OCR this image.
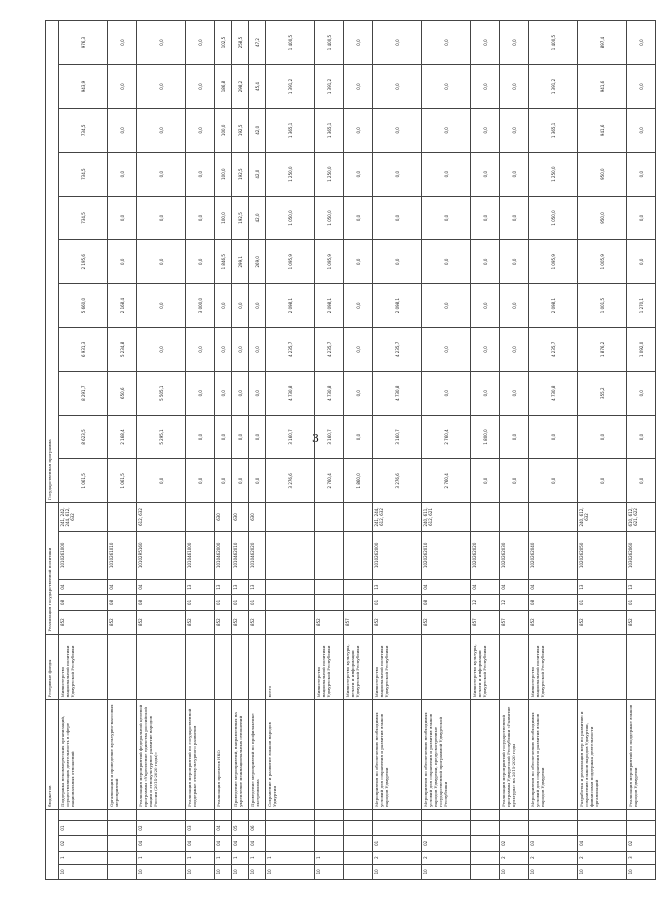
3
					бюджетов	Резервные фонды	Реализация государственной политики					Государственная программа										
10	1	02	01		Поддержка некоммерческих организаций, осуществляющих деятельность в сфере национальных отношений	Министерство национальной политики Удмуртской Республики	852	08	04	1010261000	241, 242, 244, 612, 632	1 061,5	8 623,5	8 291,7	6 931,3	5 660,0	2 195,6	734,5	734,5	734,5	943,9	976,3
					Организация и проведение культурно-массовых мероприятий		852	08	04	1010261010		1 061,5	2 168,4	650,6	5 234,8	2 168,4	0,0	0,0	0,0	0,0	0,0	0,0
10	1	04	02		Реализация мероприятий федеральной целевой программы «Укрепление единства российской нации и этнокультурное развитие народов России (2014-2020 годы)»		852	08	04	10102R5160	612, 632	0,0	5 295,1	5 505,1	0,0	0,0	0,0	0,0	0,0	0,0	0,0	0,0
10	1	04	03		Реализация мероприятий по государственной поддержке этнокультурного развития		852	01	13	1010461000		0,0	0,0	0,0	0,0	3 000,0	0,0	0,0	0,0	0,0	0,0	0,0
10	1	04	04		Реализация проектов НКО		852	01	13	1010462000	630	0,0	0,0	0,0	0,0	0,0	1 846,5	100,0	100,0	100,0	186,8	102,5
10	1	04	05		Проведение мероприятий, направленных на укрепление межнациональных отношений		852	01	13	1010462010	630	0,0	0,0	0,0	0,0	0,0	299,1	192,5	192,5	192,5	298,2	258,5
10	1	04	06		Проведение мероприятий по профилактике экстремизма		852	01	13	1010462020	630	0,0	0,0	0,0	0,0	0,0	269,0	42,0	42,0	42,0	45,4	47,2
10	1				Сохранение и развитие языков народов Удмуртии	всего						3 276,6	3 160,7	4 730,8	4 235,7	2 098,1	1 095,9	1 050,0	1 250,0	1 365,1	1 391,2	1 400,5
10	1					Министерство национальной политики Удмуртской Республики	852					2 760,4	3 160,7	4 730,8	4 235,7	2 098,1	1 095,9	1 050,0	1 250,0	1 365,1	1 391,2	1 400,5
						Министерство культуры, печати и информации Удмуртской Республики	857					1 860,0	0,0	0,0	0,0	0,0	0,0	0,0	0,0	0,0	0,0	0,0
10	2	01			Мероприятия по обеспечению необходимых условий для сохранения и развития языков народов Удмуртии	Министерство национальной политики Удмуртской Республики	852	01	13	1010262000	241, 244, 612, 632	3 276,6	3 160,7	4 730,8	4 235,7	2 098,1	0,0	0,0	0,0	0,0	0,0	0,0
10	2	02			Мероприятия по обеспечению необходимых условий для сохранения и развития языков народов Удмуртии, предусмотренные государственной программой Удмуртской Республики		852	08	04	1020262010	240, 611, 612, 621	2 760,4	2 760,4	0,0	0,0	0,0	0,0	0,0	0,0	0,0	0,0	0,0
						Министерство культуры, печати и информации Удмуртской Республики	857	12	04	1020262020		0,0	1 800,0	0,0	0,0	0,0	0,0	0,0	0,0	0,0	0,0	0,0
10	2	02			Реализация мероприятий государственной программы Удмуртской Республики «Развитие культуры» на 2015-2020 годы		857	12	04	1020262030		0,0	0,0	0,0	0,0	0,0	0,0	0,0	0,0	0,0	0,0	0,0
10	2	03			Мероприятия по обеспечению необходимых условий для сохранения и развития языков народов Удмуртии	Министерство национальной политики Удмуртской Республики	852	08	04	1020262040		0,0	0,0	4 730,8	4 235,7	2 098,1	1 095,9	1 050,0	1 250,0	1 365,1	1 391,2	1 400,5
10	2	04			Разработка и реализация мер по развитию и сохранению языков народов Удмуртии, финансовая поддержка деятельности организаций		852	01	13	1020262050	240, 612, 632	0,0	0,0	355,2	1 876,2	1 001,5	1 005,9	950,0	950,0	941,6	941,6	897,4
10	3	02			Реализация мероприятий по поддержке языков народов Удмуртии		852	01	13	1030262060	610, 612, 621, 622	0,0	0,0	0,0	1 092,0	1 270,1	0,0	0,0	0,0	0,0	0,0	0,0
